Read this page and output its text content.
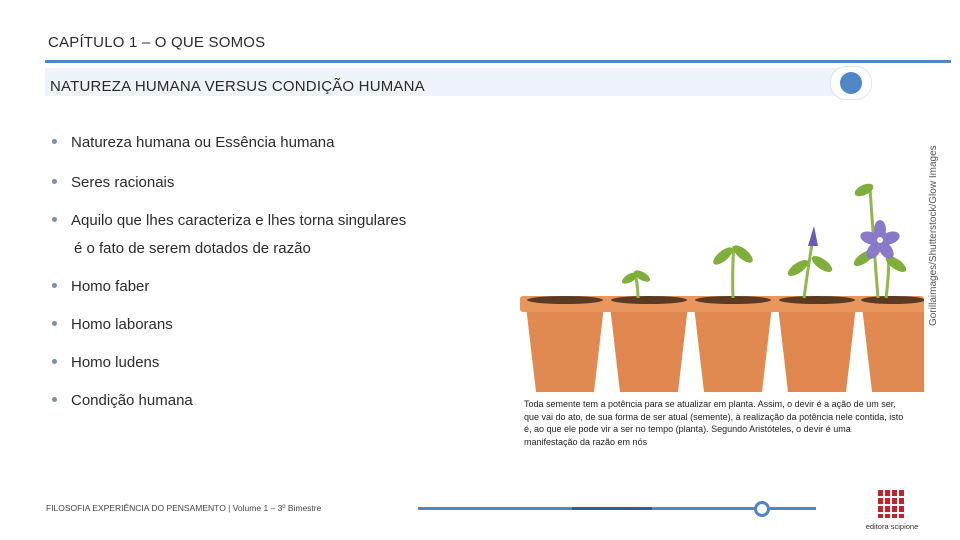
CAPÍTULO 1 – O QUE SOMOS
NATUREZA HUMANA VERSUS CONDIÇÃO HUMANA
Natureza humana ou Essência humana
Seres racionais
Aquilo que lhes caracteriza e lhes torna singulares
é o fato de serem dotados de razão
Homo faber
Homo laborans
Homo ludens
Condição humana
Gorillaimages/Shutterstock/Glow Images
Toda semente tem a potência para se atualizar em planta. Assim, o devir é a ação de um ser, que vai do ato, de sua forma de ser atual (semente), à realização da potência nele contida, isto é, ao que ele pode vir a ser no tempo (planta). Segundo Aristóteles, o devir é uma manifestação da razão em nós
FILOSOFIA EXPERIÊNCIA DO PENSAMENTO | Volume 1 – 3º Bimestre
editora scipione
